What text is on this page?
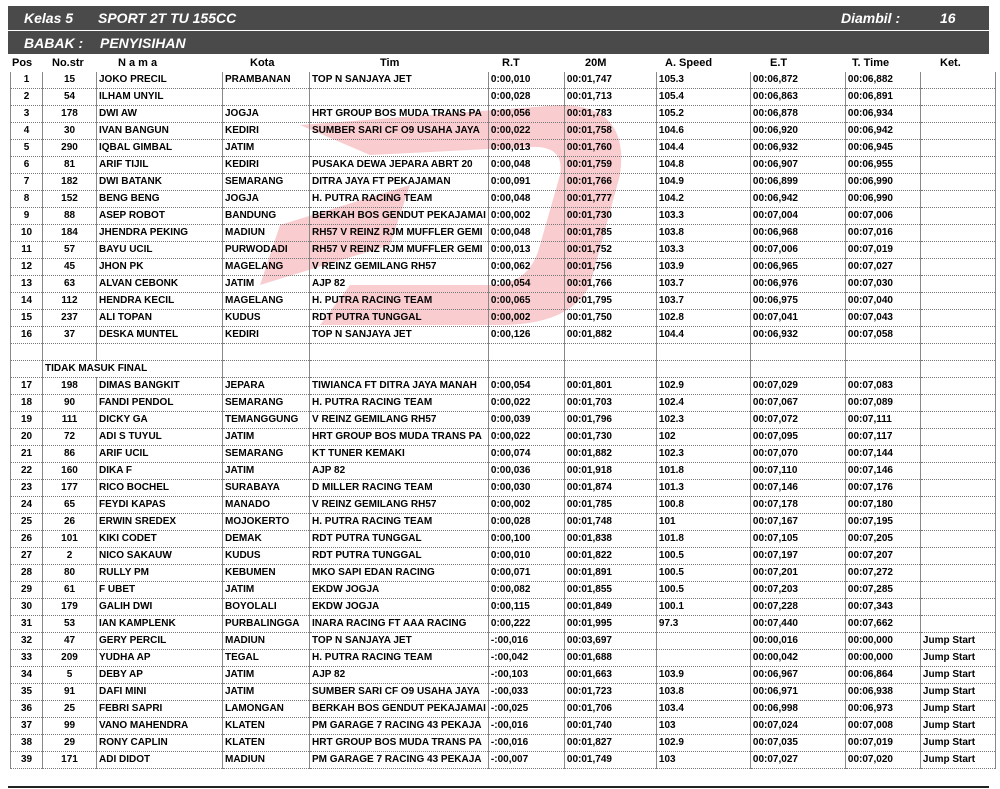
Kelas 5 SPORT 2T TU 155CC	Diambil :	16
BABAK : PENYISIHAN
Pos No.str	N a m a	Kota	Tim	R.T	20M	A. Speed	E.T	T. Time	Ket.
1	15	JOKO PRECIL	PRAMBANAN	TOP N SANJAYA JET	0:00,010	00:01,747	105.3	00:06,872	00:06,882	
2	54	ILHAM UNYIL			0:00,028	00:01,713	105.4	00:06,863	00:06,891	
3	178	DWI AW	JOGJA	HRT GROUP BOS MUDA TRANS PA	0:00,056	00:01,783	105.2	00:06,878	00:06,934	
4	30	IVAN BANGUN	KEDIRI	SUMBER SARI CF O9 USAHA JAYA	0:00,022	00:01,758	104.6	00:06,920	00:06,942	
5	290	IQBAL GIMBAL	JATIM		0:00,013	00:01,760	104.4	00:06,932	00:06,945	
6	81	ARIF TIJIL	KEDIRI	PUSAKA DEWA JEPARA ABRT 20	0:00,048	00:01,759	104.8	00:06,907	00:06,955	
7	182	DWI BATANK	SEMARANG	DITRA JAYA FT PEKAJAMAN	0:00,091	00:01,766	104.9	00:06,899	00:06,990	
8	152	BENG BENG	JOGJA	H. PUTRA RACING TEAM	0:00,048	00:01,777	104.2	00:06,942	00:06,990	
9	88	ASEP ROBOT	BANDUNG	BERKAH BOS GENDUT PEKAJAMAI	0:00,002	00:01,730	103.3	00:07,004	00:07,006	
10	184	JHENDRA PEKING	MADIUN	RH57 V REINZ RJM MUFFLER GEMI	0:00,048	00:01,785	103.8	00:06,968	00:07,016	
11	57	BAYU UCIL	PURWODADI	RH57 V REINZ RJM MUFFLER GEMI	0:00,013	00:01,752	103.3	00:07,006	00:07,019	
12	45	JHON PK	MAGELANG	V REINZ GEMILANG RH57	0:00,062	00:01,756	103.9	00:06,965	00:07,027	
13	63	ALVAN CEBONK	JATIM	AJP 82	0:00,054	00:01,766	103.7	00:06,976	00:07,030	
14	112	HENDRA KECIL	MAGELANG	H. PUTRA RACING TEAM	0:00,065	00:01,795	103.7	00:06,975	00:07,040	
15	237	ALI TOPAN	KUDUS	RDT PUTRA TUNGGAL	0:00,002	00:01,750	102.8	00:07,041	00:07,043	
16	37	DESKA MUNTEL	KEDIRI	TOP N SANJAYA JET	0:00,126	00:01,882	104.4	00:06,932	00:07,058	

	TIDAK MASUK FINAL									
17	198	DIMAS BANGKIT	JEPARA	TIWIANCA FT DITRA JAYA MANAH	0:00,054	00:01,801	102.9	00:07,029	00:07,083	
18	90	FANDI PENDOL	SEMARANG	H. PUTRA RACING TEAM	0:00,022	00:01,703	102.4	00:07,067	00:07,089	
19	111	DICKY GA	TEMANGGUNG	V REINZ GEMILANG RH57	0:00,039	00:01,796	102.3	00:07,072	00:07,111	
20	72	ADI S TUYUL	JATIM	HRT GROUP BOS MUDA TRANS PA	0:00,022	00:01,730	102	00:07,095	00:07,117	
21	86	ARIF UCIL	SEMARANG	KT TUNER KEMAKI	0:00,074	00:01,882	102.3	00:07,070	00:07,144	
22	160	DIKA F	JATIM	AJP 82	0:00,036	00:01,918	101.8	00:07,110	00:07,146	
23	177	RICO BOCHEL	SURABAYA	D MILLER RACING TEAM	0:00,030	00:01,874	101.3	00:07,146	00:07,176	
24	65	FEYDI KAPAS	MANADO	V REINZ GEMILANG RH57	0:00,002	00:01,785	100.8	00:07,178	00:07,180	
25	26	ERWIN SREDEX	MOJOKERTO	H. PUTRA RACING TEAM	0:00,028	00:01,748	101	00:07,167	00:07,195	
26	101	KIKI CODET	DEMAK	RDT PUTRA TUNGGAL	0:00,100	00:01,838	101.8	00:07,105	00:07,205	
27	2	NICO SAKAUW	KUDUS	RDT PUTRA TUNGGAL	0:00,010	00:01,822	100.5	00:07,197	00:07,207	
28	80	RULLY PM	KEBUMEN	MKO SAPI EDAN RACING	0:00,071	00:01,891	100.5	00:07,201	00:07,272	
29	61	F UBET	JATIM	EKDW JOGJA	0:00,082	00:01,855	100.5	00:07,203	00:07,285	
30	179	GALIH DWI	BOYOLALI	EKDW JOGJA	0:00,115	00:01,849	100.1	00:07,228	00:07,343	
31	53	IAN KAMPLENK	PURBALINGGA	INARA RACING FT AAA RACING	0:00,222	00:01,995	97.3	00:07,440	00:07,662	
32	47	GERY PERCIL	MADIUN	TOP N SANJAYA JET	-:00,016	00:03,697		00:00,016	00:00,000	Jump Start
33	209	YUDHA AP	TEGAL	H. PUTRA RACING TEAM	-:00,042	00:01,688		00:00,042	00:00,000	Jump Start
34	5	DEBY AP	JATIM	AJP 82	-:00,103	00:01,663	103.9	00:06,967	00:06,864	Jump Start
35	91	DAFI MINI	JATIM	SUMBER SARI CF O9 USAHA JAYA	-:00,033	00:01,723	103.8	00:06,971	00:06,938	Jump Start
36	25	FEBRI SAPRI	LAMONGAN	BERKAH BOS GENDUT PEKAJAMAI	-:00,025	00:01,706	103.4	00:06,998	00:06,973	Jump Start
37	99	VANO MAHENDRA	KLATEN	PM GARAGE 7 RACING 43 PEKAJA	-:00,016	00:01,740	103	00:07,024	00:07,008	Jump Start
38	29	RONY CAPLIN	KLATEN	HRT GROUP BOS MUDA TRANS PA	-:00,016	00:01,827	102.9	00:07,035	00:07,019	Jump Start
39	171	ADI DIDOT	MADIUN	PM GARAGE 7 RACING 43 PEKAJA	-:00,007	00:01,749	103	00:07,027	00:07,020	Jump Start
